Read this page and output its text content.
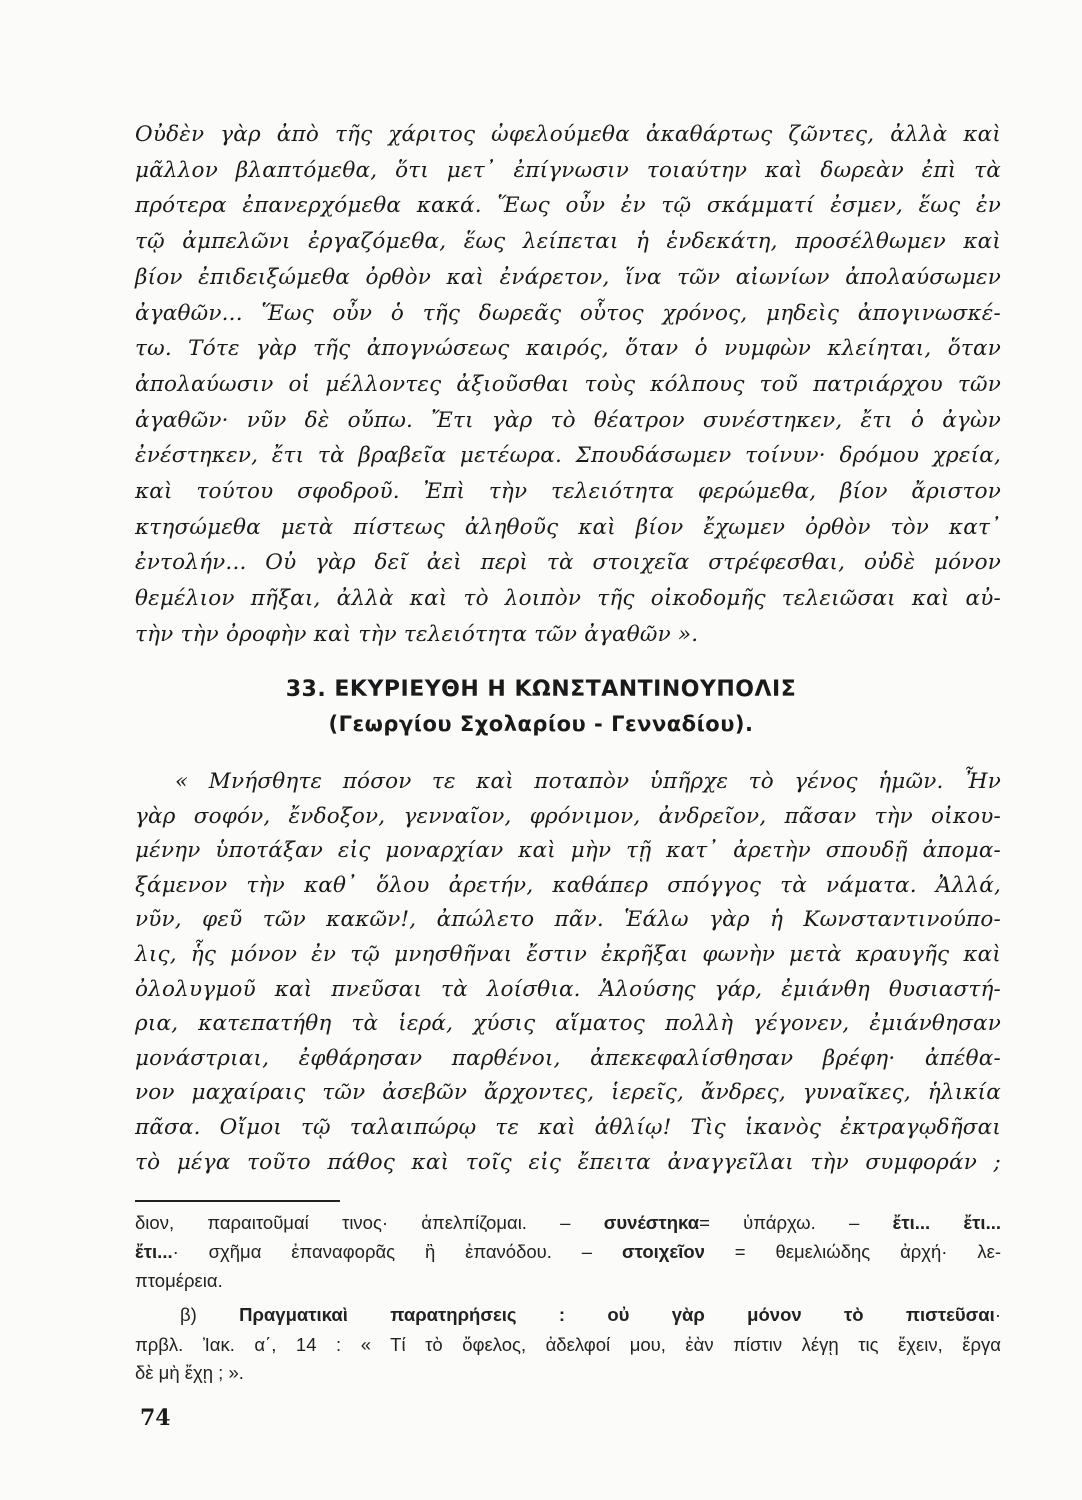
Οὐδὲν γὰρ ἀπὸ τῆς χάριτος ὠφελούμεθα ἀκαθάρτως ζῶντες, ἀλλὰ καὶ
μᾶλλον βλαπτόμεθα, ὅτι μετ᾽ ἐπίγνωσιν τοιαύτην καὶ δωρεὰν ἐπὶ τὰ
πρότερα ἐπανερχόμεθα κακά. Ἕως οὖν ἐν τῷ σκάμματί ἐσμεν, ἕως ἐν
τῷ ἀμπελῶνι ἐργαζόμεθα, ἕως λείπεται ἡ ἑνδεκάτη, προσέλθωμεν καὶ
βίον ἐπιδειξώμεθα ὀρθὸν καὶ ἐνάρετον, ἵνα τῶν αἰωνίων ἀπολαύσωμεν
ἀγαθῶν... Ἕως οὖν ὁ τῆς δωρεᾶς οὗτος χρόνος, μηδεὶς ἀπογινωσκέ-
τω. Τότε γὰρ τῆς ἀπογνώσεως καιρός, ὅταν ὁ νυμφὼν κλείηται, ὅταν
ἀπολαύωσιν οἱ μέλλοντες ἀξιοῦσθαι τοὺς κόλπους τοῦ πατριάρχου τῶν
ἀγαθῶν· νῦν δὲ οὔπω. Ἔτι γὰρ τὸ θέατρον συνέστηκεν, ἔτι ὁ ἀγὼν
ἐνέστηκεν, ἔτι τὰ βραβεῖα μετέωρα. Σπουδάσωμεν τοίνυν· δρόμου χρεία,
καὶ τούτου σφοδροῦ. Ἐπὶ τὴν τελειότητα φερώμεθα, βίον ἄριστον
κτησώμεθα μετὰ πίστεως ἀληθοῦς καὶ βίον ἔχωμεν ὀρθὸν τὸν κατ᾽
ἐντολήν... Οὐ γὰρ δεῖ ἀεὶ περὶ τὰ στοιχεῖα στρέφεσθαι, οὐδὲ μόνον
θεμέλιον πῆξαι, ἀλλὰ καὶ τὸ λοιπὸν τῆς οἰκοδομῆς τελειῶσαι καὶ αὐ-
τὴν τὴν ὀροφὴν καὶ τὴν τελειότητα τῶν ἀγαθῶν ».
33. ΕΚΥΡΙΕΥΘΗ Η ΚΩΝΣΤΑΝΤΙΝΟΥΠΟΛΙΣ
(Γεωργίου Σχολαρίου - Γενναδίου).
« Μνήσθητε πόσον τε καὶ ποταπὸν ὑπῆρχε τὸ γένος ἡμῶν. Ἦν
γὰρ σοφόν, ἔνδοξον, γενναῖον, φρόνιμον, ἀνδρεῖον, πᾶσαν τὴν οἰκου-
μένην ὑποτάξαν εἰς μοναρχίαν καὶ μὴν τῇ κατ᾽ ἀρετὴν σπουδῇ ἀπομα-
ξάμενον τὴν καθ᾽ ὅλου ἀρετήν, καθάπερ σπόγγος τὰ νάματα. Ἀλλά,
νῦν, φεῦ τῶν κακῶν!, ἀπώλετο πᾶν. Ἑάλω γὰρ ἡ Κωνσταντινούπο-
λις, ἧς μόνον ἐν τῷ μνησθῆναι ἔστιν ἐκρῆξαι φωνὴν μετὰ κραυγῆς καὶ
ὀλολυγμοῦ καὶ πνεῦσαι τὰ λοίσθια. Ἁλούσης γάρ, ἐμιάνθη θυσιαστή-
ρια, κατεπατήθη τὰ ἱερά, χύσις αἵματος πολλὴ γέγονεν, ἐμιάνθησαν
μονάστριαι, ἐφθάρησαν παρθένοι, ἀπεκεφαλίσθησαν βρέφη· ἀπέθα-
νον μαχαίραις τῶν ἀσεβῶν ἄρχοντες, ἱερεῖς, ἄνδρες, γυναῖκες, ἡλικία
πᾶσα. Οἴμοι τῷ ταλαιπώρῳ τε καὶ ἀθλίῳ! Τὶς ἱκανὸς ἐκτραγῳδῆσαι
τὸ μέγα τοῦτο πάθος καὶ τοῖς εἰς ἔπειτα ἀναγγεῖλαι τὴν συμφοράν ;
διον, παραιτοῦμαί τινος· ἀπελπίζομαι. – συνέστηκα= ὑπάρχω. – ἔτι... ἔτι...
ἔτι...· σχῆμα ἐπαναφορᾶς ἢ ἐπανόδου. – στοιχεῖον = θεμελιώδης ἀρχή· λε-
πτομέρεια.
β) Πραγματικαὶ παρατηρήσεις : οὐ γὰρ μόνον τὸ πιστεῦσαι·
πρβλ. Ἰακ. α΄, 14 : « Τί τὸ ὄφελος, ἀδελφοί μου, ἐὰν πίστιν λέγῃ τις ἔχειν, ἔργα
δὲ μὴ ἔχῃ ; ».
74
